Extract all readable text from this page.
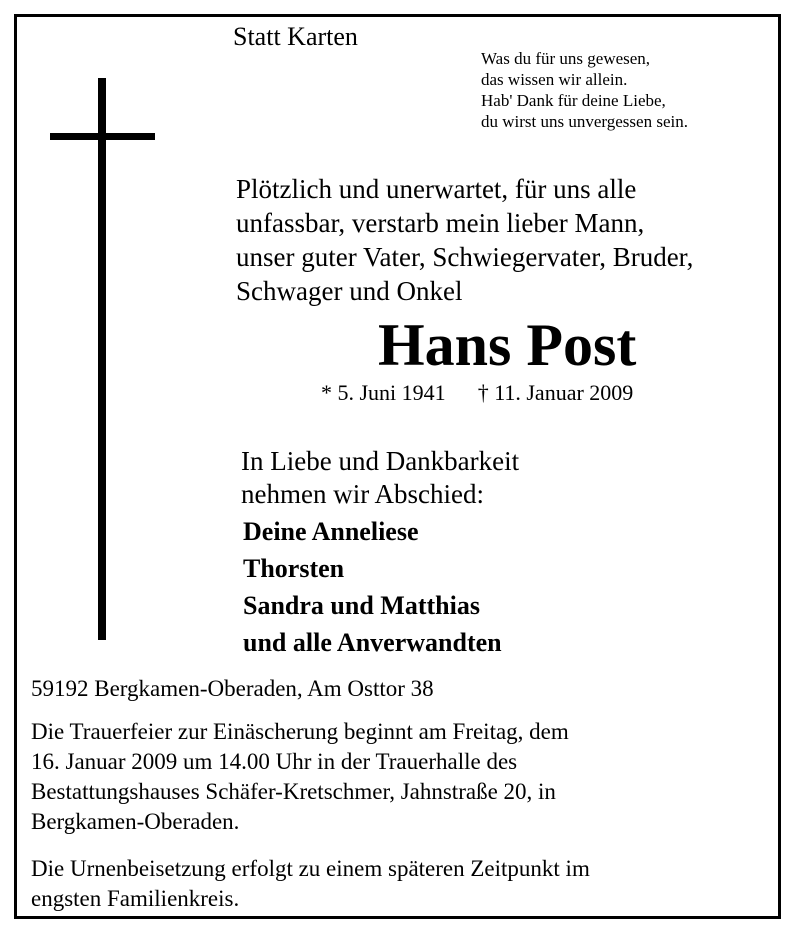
Statt Karten
Was du für uns gewesen,
das wissen wir allein.
Hab' Dank für deine Liebe,
du wirst uns unvergessen sein.
Plötzlich und unerwartet, für uns alle
unfassbar, verstarb mein lieber Mann,
unser guter Vater, Schwiegervater, Bruder,
Schwager und Onkel
Hans Post
* 5. Juni 1941 † 11. Januar 2009
In Liebe und Dankbarkeit
nehmen wir Abschied:
Deine Anneliese
Thorsten
Sandra und Matthias
und alle Anverwandten
59192 Bergkamen-Oberaden, Am Osttor 38
Die Trauerfeier zur Einäscherung beginnt am Freitag, dem
16. Januar 2009 um 14.00 Uhr in der Trauerhalle des
Bestattungshauses Schäfer-Kretschmer, Jahnstraße 20, in
Bergkamen-Oberaden.
Die Urnenbeisetzung erfolgt zu einem späteren Zeitpunkt im
engsten Familienkreis.
